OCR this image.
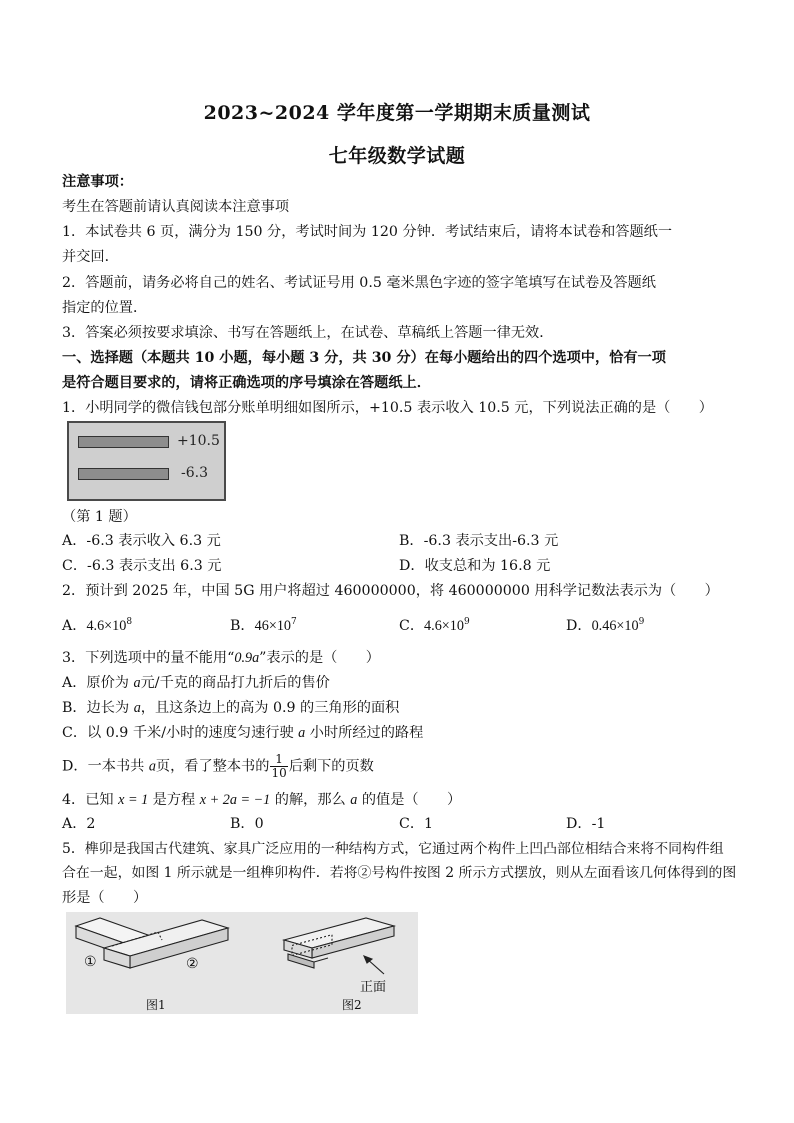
2023~2024 学年度第一学期期末质量测试
七年级数学试题
注意事项：
考生在答题前请认真阅读本注意事项
1．本试卷共 6 页，满分为 150 分，考试时间为 120 分钟．考试结束后，请将本试卷和答题纸一
并交回．
2．答题前，请务必将自己的姓名、考试证号用 0.5 毫米黑色字迹的签字笔填写在试卷及答题纸
指定的位置．
3．答案必须按要求填涂、书写在答题纸上，在试卷、草稿纸上答题一律无效．
一、选择题（本题共 10 小题，每小题 3 分，共 30 分）在每小题给出的四个选项中，恰有一项
是符合题目要求的，请将正确选项的序号填涂在答题纸上．
1．小明同学的微信钱包部分账单明细如图所示，+10.5 表示收入 10.5 元，下列说法正确的是（　　）
+10.5
-6.3
（第 1 题）
A．-6.3 表示收入 6.3 元	B．-6.3 表示支出-6.3 元
C．-6.3 表示支出 6.3 元	D．收支总和为 16.8 元
2．预计到 2025 年，中国 5G 用户将超过 460000000，将 460000000 用科学记数法表示为（　　）
A．$4.6\times 10^8$	B．$46\times 10^7$	C．$4.6\times 10^9$	D．$0.46\times 10^9$
3．下列选项中的量不能用“0.9a”表示的是（　　）
A．原价为 a元/千克的商品打九折后的售价
B．边长为 a，且这条边上的高为 0.9 的三角形的面积
C．以 0.9 千米/小时的速度匀速行驶 a 小时所经过的路程
D．一本书共 a页，看了整本书的 $\frac{1}{10}$ 后剩下的页数
4．已知 x = 1 是方程 x + 2a = −1 的解，那么 a 的值是（　　）
A．2	B．0	C．1	D．-1
5．榫卯是我国古代建筑、家具广泛应用的一种结构方式，它通过两个构件上凹凸部位相结合来将不同构件组
合在一起，如图 1 所示就是一组榫卯构件．若将②号构件按图 2 所示方式摆放，则从左面看该几何体得到的图
形是（　　）
①	②
正面
图1	图2
